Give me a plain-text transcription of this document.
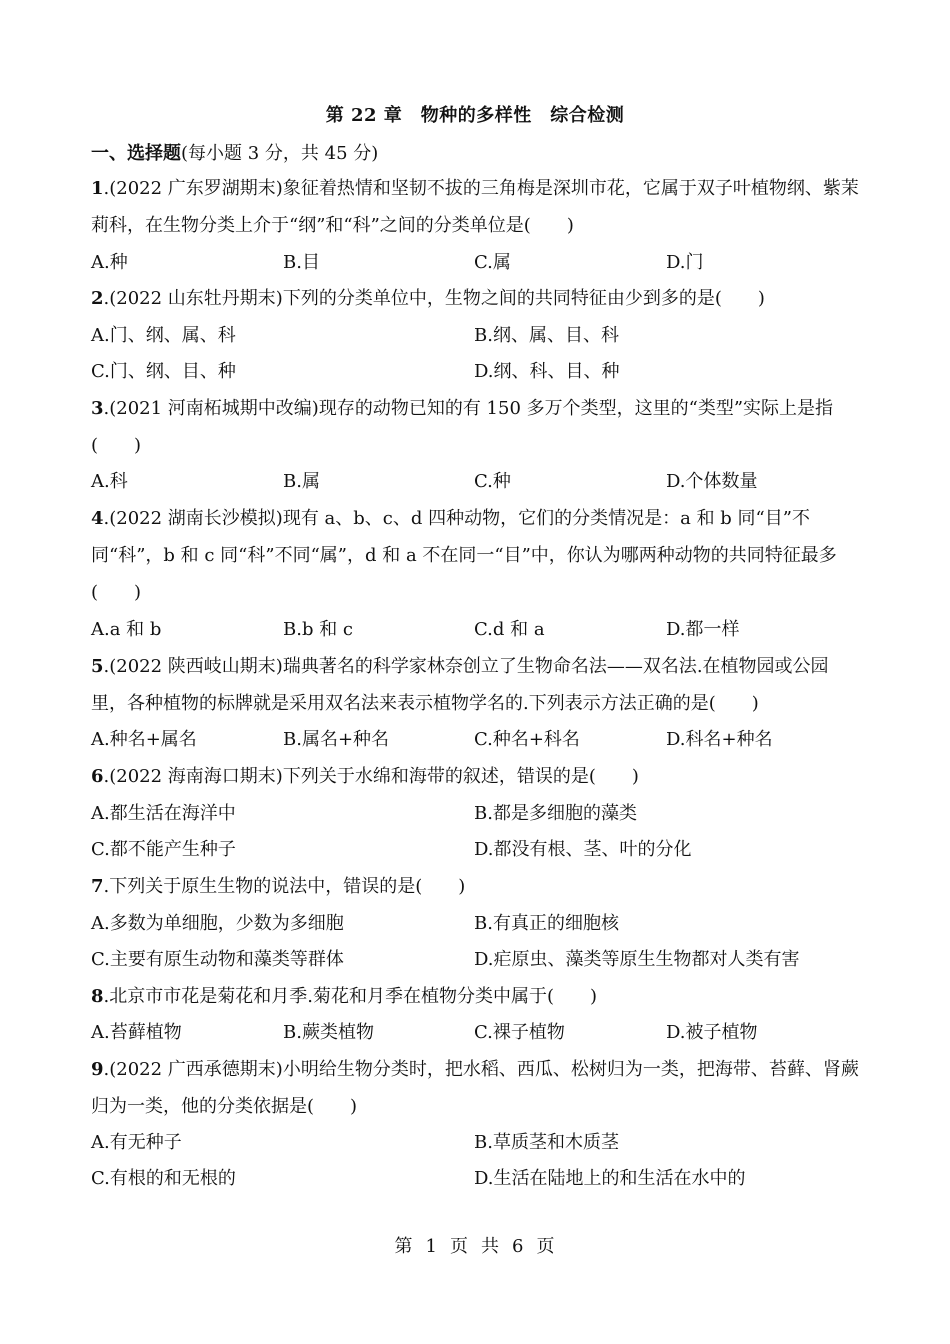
第 22 章　物种的多样性　综合检测
一、选择题(每小题 3 分，共 45 分)
1.(2022 广东罗湖期末)象征着热情和坚韧不拔的三角梅是深圳市花，它属于双子叶植物纲、紫茉莉科，在生物分类上介于“纲”和“科”之间的分类单位是(　　)
A.种	B.目	C.属	D.门
2.(2022 山东牡丹期末)下列的分类单位中，生物之间的共同特征由少到多的是(　　)
A.门、纲、属、科	B.纲、属、目、科
C.门、纲、目、种	D.纲、科、目、种
3.(2021 河南柘城期中改编)现存的动物已知的有 150 多万个类型，这里的“类型”实际上是指(　　)
A.科	B.属	C.种	D.个体数量
4.(2022 湖南长沙模拟)现有 a、b、c、d 四种动物，它们的分类情况是：a 和 b 同“目”不同“科”，b 和 c 同“科”不同“属”，d 和 a 不在同一“目”中，你认为哪两种动物的共同特征最多(　　)
A.a 和 b	B.b 和 c	C.d 和 a	D.都一样
5.(2022 陕西岐山期末)瑞典著名的科学家林奈创立了生物命名法——双名法.在植物园或公园里，各种植物的标牌就是采用双名法来表示植物学名的.下列表示方法正确的是(　　)
A.种名+属名	B.属名+种名	C.种名+科名	D.科名+种名
6.(2022 海南海口期末)下列关于水绵和海带的叙述，错误的是(　　)
A.都生活在海洋中	B.都是多细胞的藻类
C.都不能产生种子	D.都没有根、茎、叶的分化
7.下列关于原生生物的说法中，错误的是(　　)
A.多数为单细胞，少数为多细胞	B.有真正的细胞核
C.主要有原生动物和藻类等群体	D.疟原虫、藻类等原生生物都对人类有害
8.北京市市花是菊花和月季.菊花和月季在植物分类中属于(　　)
A.苔藓植物	B.蕨类植物	C.裸子植物	D.被子植物
9.(2022 广西承德期末)小明给生物分类时，把水稻、西瓜、松树归为一类，把海带、苔藓、肾蕨归为一类，他的分类依据是(　　)
A.有无种子	B.草质茎和木质茎
C.有根的和无根的	D.生活在陆地上的和生活在水中的
第 1 页 共 6 页
